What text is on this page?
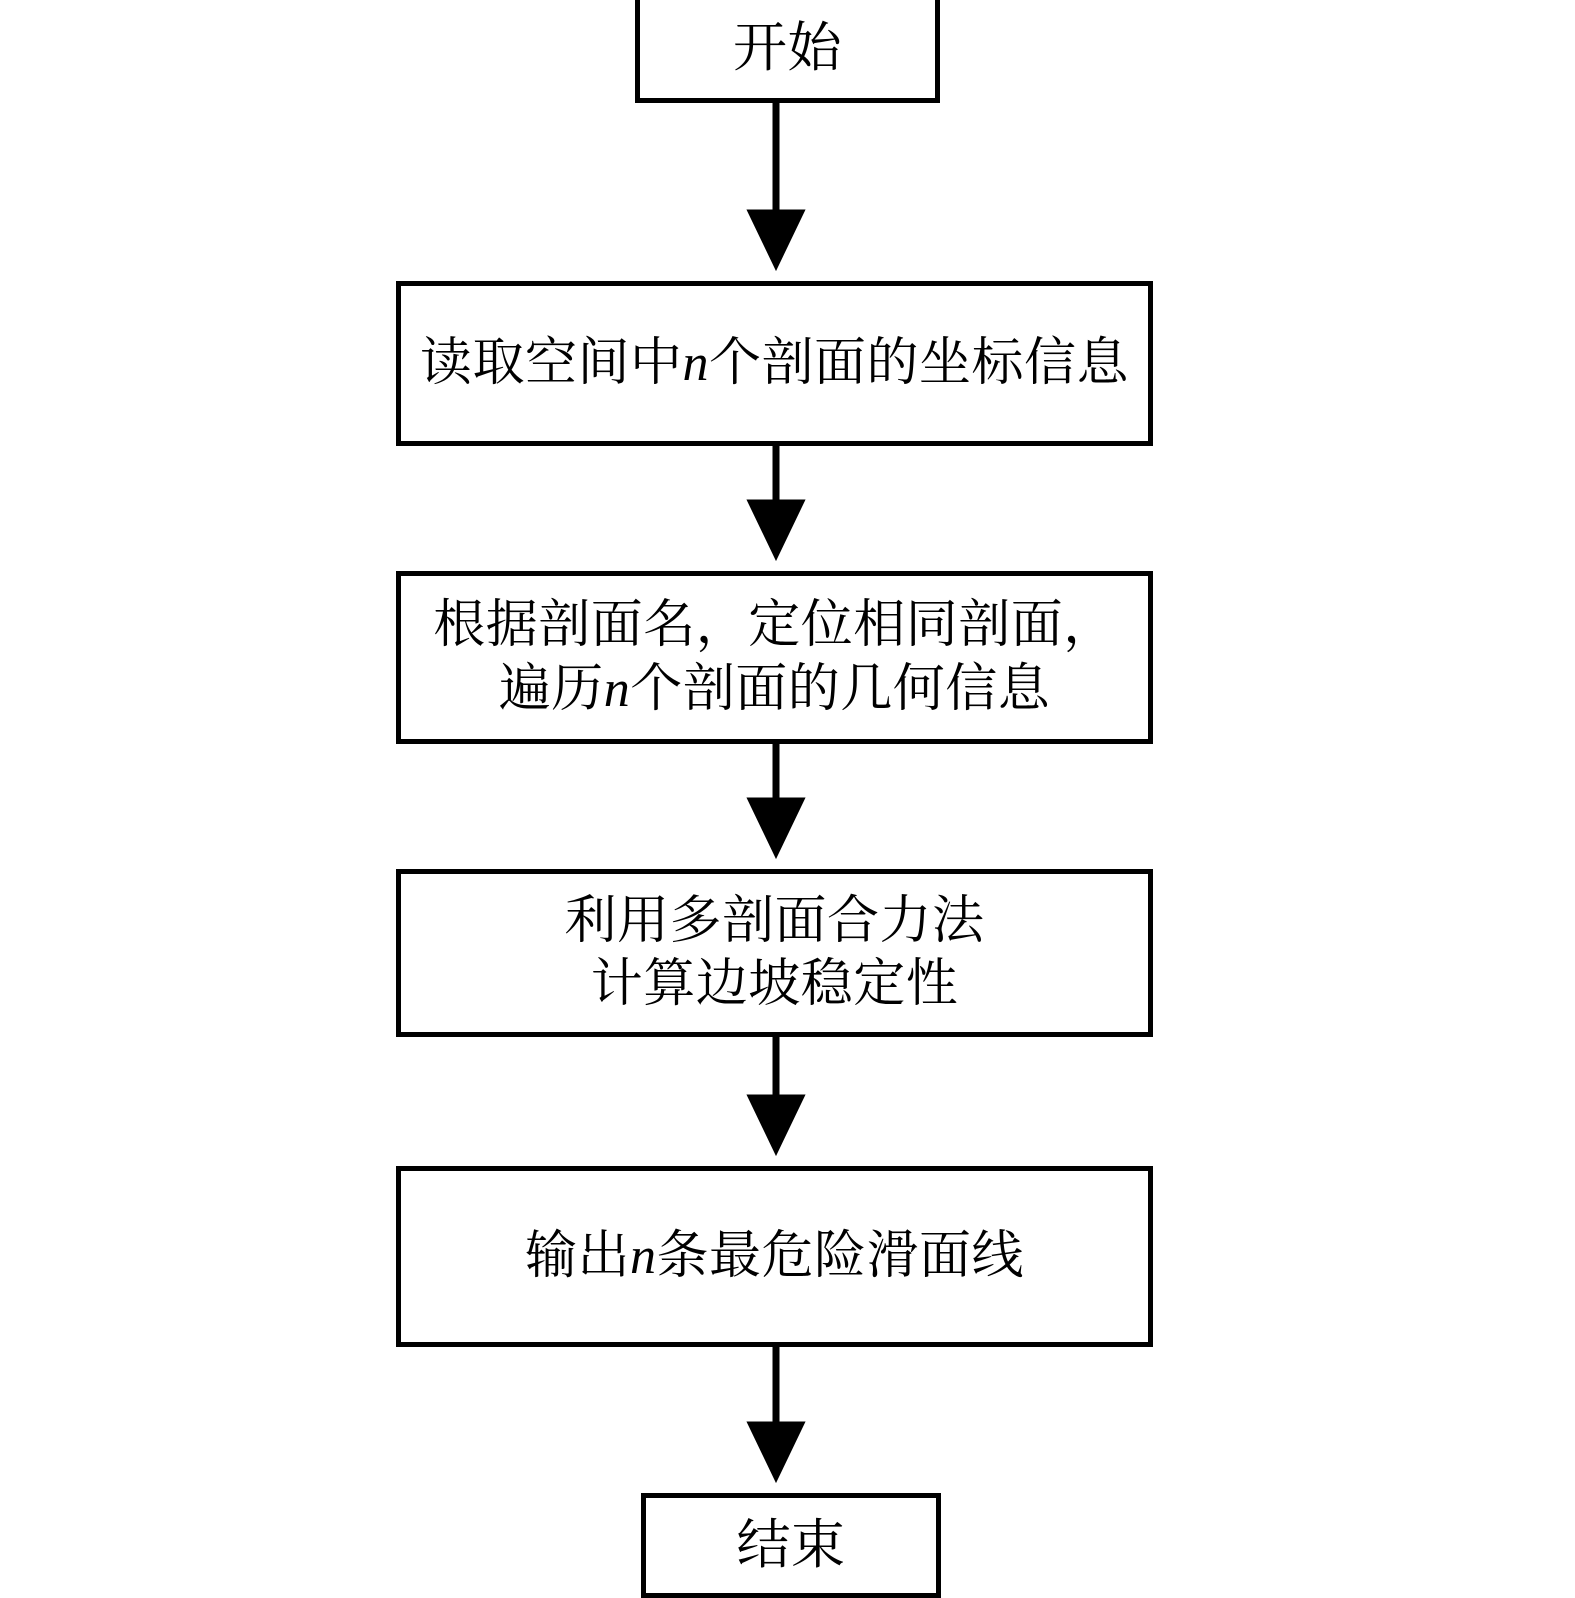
开始
读取空间中n个剖面的坐标信息
根据剖面名，定位相同剖面，
遍历n个剖面的几何信息
利用多剖面合力法
计算边坡稳定性
输出n条最危险滑面线
结束
